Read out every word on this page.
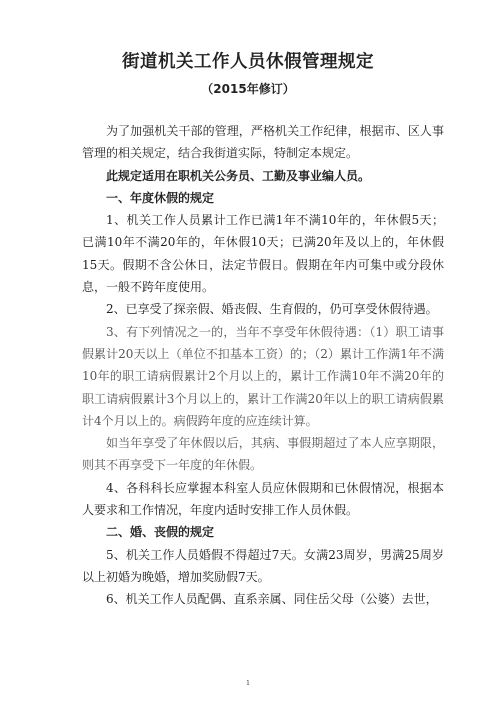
街道机关工作人员休假管理规定
（2015年修订）

为了加强机关干部的管理，严格机关工作纪律，根据市、区人事管理的相关规定，结合我街道实际，特制定本规定。

此规定适用在职机关公务员、工勤及事业编人员。

一、年度休假的规定

1、机关工作人员累计工作已满1年不满10年的，年休假5天；已满10年不满20年的，年休假10天；已满20年及以上的，年休假15天。假期不含公休日，法定节假日。假期在年内可集中或分段休息，一般不跨年度使用。

2、已享受了探亲假、婚丧假、生育假的，仍可享受休假待遇。

3、有下列情况之一的，当年不享受年休假待遇：（1）职工请事假累计20天以上（单位不扣基本工资）的；（2）累计工作满1年不满10年的职工请病假累计2个月以上的，累计工作满10年不满20年的职工请病假累计3个月以上的，累计工作满20年以上的职工请病假累计4个月以上的。病假跨年度的应连续计算。

如当年享受了年休假以后，其病、事假期超过了本人应享期限，则其不再享受下一年度的年休假。

4、各科科长应掌握本科室人员应休假期和已休假情况，根据本人要求和工作情况，年度内适时安排工作人员休假。

二、婚、丧假的规定

5、机关工作人员婚假不得超过7天。女满23周岁，男满25周岁以上初婚为晚婚，增加奖励假7天。

6、机关工作人员配偶、直系亲属、同住岳父母（公婆）去世，

1
